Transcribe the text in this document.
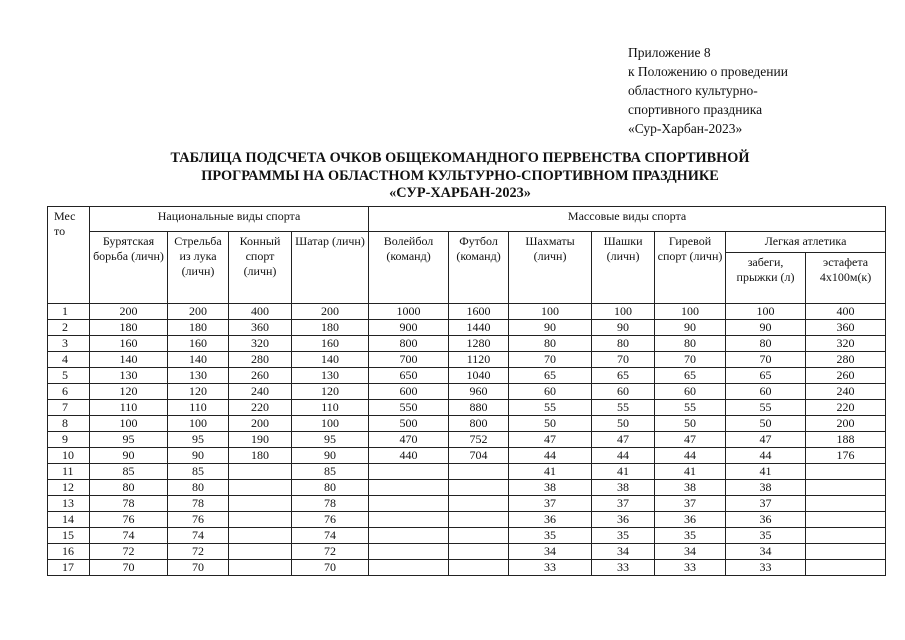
Приложение 8
к Положению о проведении
областного культурно-
спортивного праздника
«Сур-Харбан-2023»
ТАБЛИЦА ПОДСЧЕТА ОЧКОВ ОБЩЕКОМАНДНОГО ПЕРВЕНСТВА СПОРТИВНОЙ
ПРОГРАММЫ НА ОБЛАСТНОМ КУЛЬТУРНО-СПОРТИВНОМ ПРАЗДНИКЕ
«СУР-ХАРБАН-2023»
Мес то	Национальные виды спорта				Массовые виды спорта						
	Бурятская борьба (личн)	Стрельба из лука (личн)	Конный спорт (личн)	Шатар (личн)	Волейбол (команд)	Футбол (команд)	Шахматы (личн)	Шашки (личн)	Гиревой спорт (личн)	Легкая атлетика	
										забеги, прыжки (л)	эстафета 4х100м(к)
1	200	200	400	200	1000	1600	100	100	100	100	400
2	180	180	360	180	900	1440	90	90	90	90	360
3	160	160	320	160	800	1280	80	80	80	80	320
4	140	140	280	140	700	1120	70	70	70	70	280
5	130	130	260	130	650	1040	65	65	65	65	260
6	120	120	240	120	600	960	60	60	60	60	240
7	110	110	220	110	550	880	55	55	55	55	220
8	100	100	200	100	500	800	50	50	50	50	200
9	95	95	190	95	470	752	47	47	47	47	188
10	90	90	180	90	440	704	44	44	44	44	176
11	85	85		85			41	41	41	41	
12	80	80		80			38	38	38	38	
13	78	78		78			37	37	37	37	
14	76	76		76			36	36	36	36	
15	74	74		74			35	35	35	35	
16	72	72		72			34	34	34	34	
17	70	70		70			33	33	33	33	
